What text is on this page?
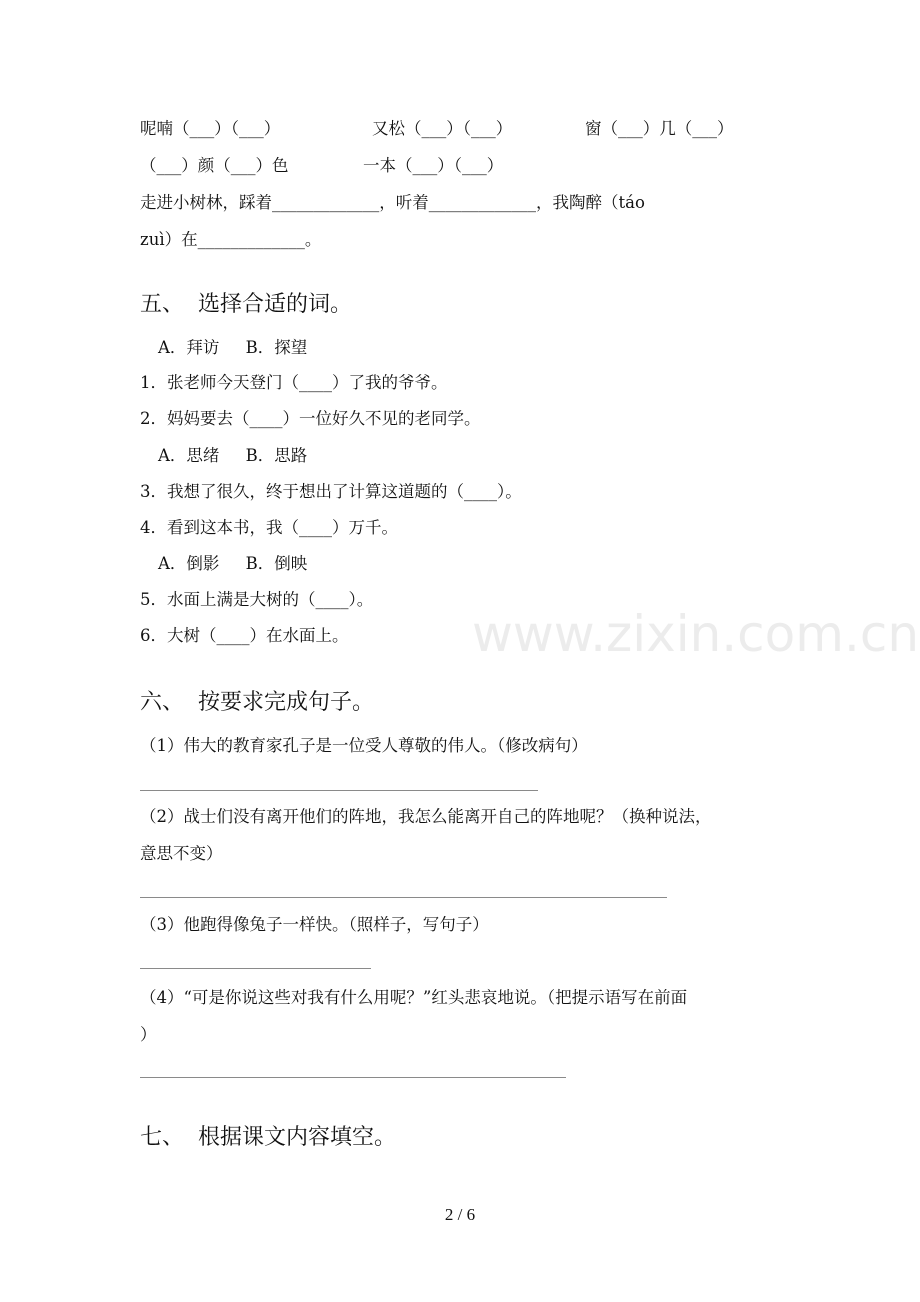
www.zixin.com.cn
呢喃（___）（___）	又松（___）（___）	窗（___）几（___）
（___）颜（___）色	一本（___）（___）
走进小树林，踩着_____________，听着_____________，我陶醉（táo
zuì）在_____________。
五、  选择合适的词。
A．拜访     B．探望
1．张老师今天登门（____）了我的爷爷。
2．妈妈要去（____）一位好久不见的老同学。
A．思绪     B．思路
3．我想了很久，终于想出了计算这道题的（____）。
4．看到这本书，我（____）万千。
A．倒影     B．倒映
5．水面上满是大树的（____）。
6．大树（____）在水面上。
六、  按要求完成句子。
（1）伟大的教育家孔子是一位受人尊敬的伟人。（修改病句）
（2）战士们没有离开他们的阵地，我怎么能离开自己的阵地呢？（换种说法，
意思不变）
（3）他跑得像兔子一样快。（照样子，写句子）
（4）“可是你说这些对我有什么用呢？”红头悲哀地说。（把提示语写在前面
）
七、  根据课文内容填空。
2 / 6
